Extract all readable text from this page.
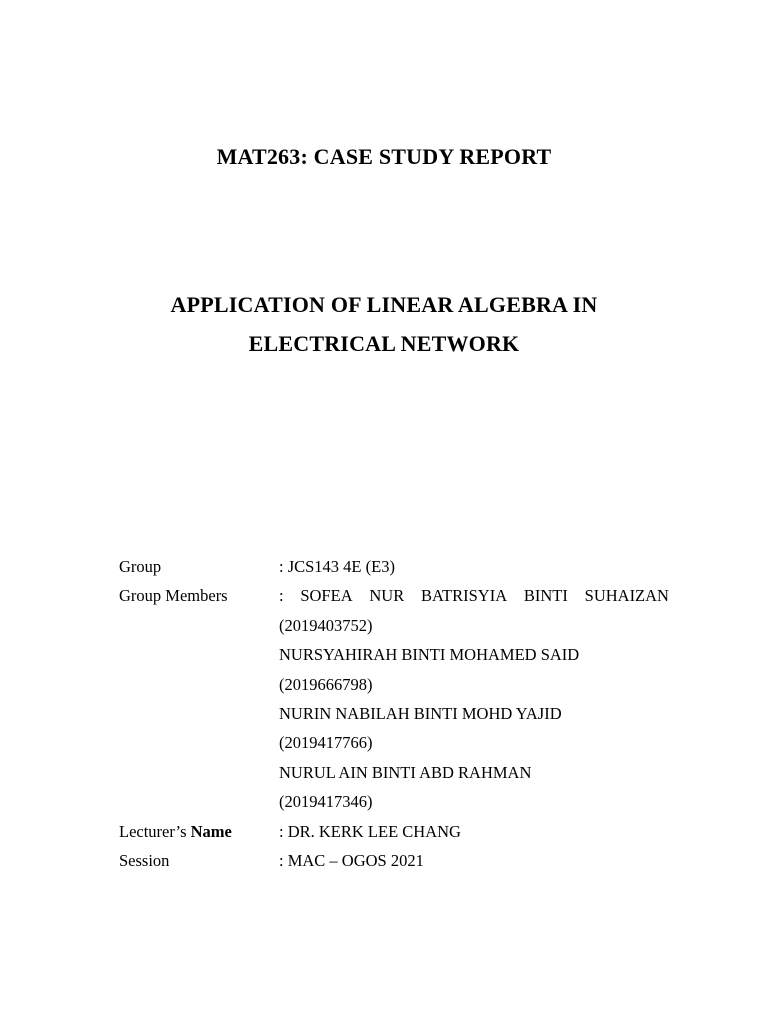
MAT263: CASE STUDY REPORT
APPLICATION OF LINEAR ALGEBRA IN
ELECTRICAL NETWORK
Group	: JCS143 4E (E3)
Group Members	: SOFEA NUR BATRISYIA BINTI SUHAIZAN
(2019403752)
NURSYAHIRAH BINTI MOHAMED SAID
(2019666798)
NURIN NABILAH BINTI MOHD YAJID
(2019417766)
NURUL AIN BINTI ABD RAHMAN
(2019417346)
Lecturer’s Name	: DR. KERK LEE CHANG
Session	: MAC – OGOS 2021
